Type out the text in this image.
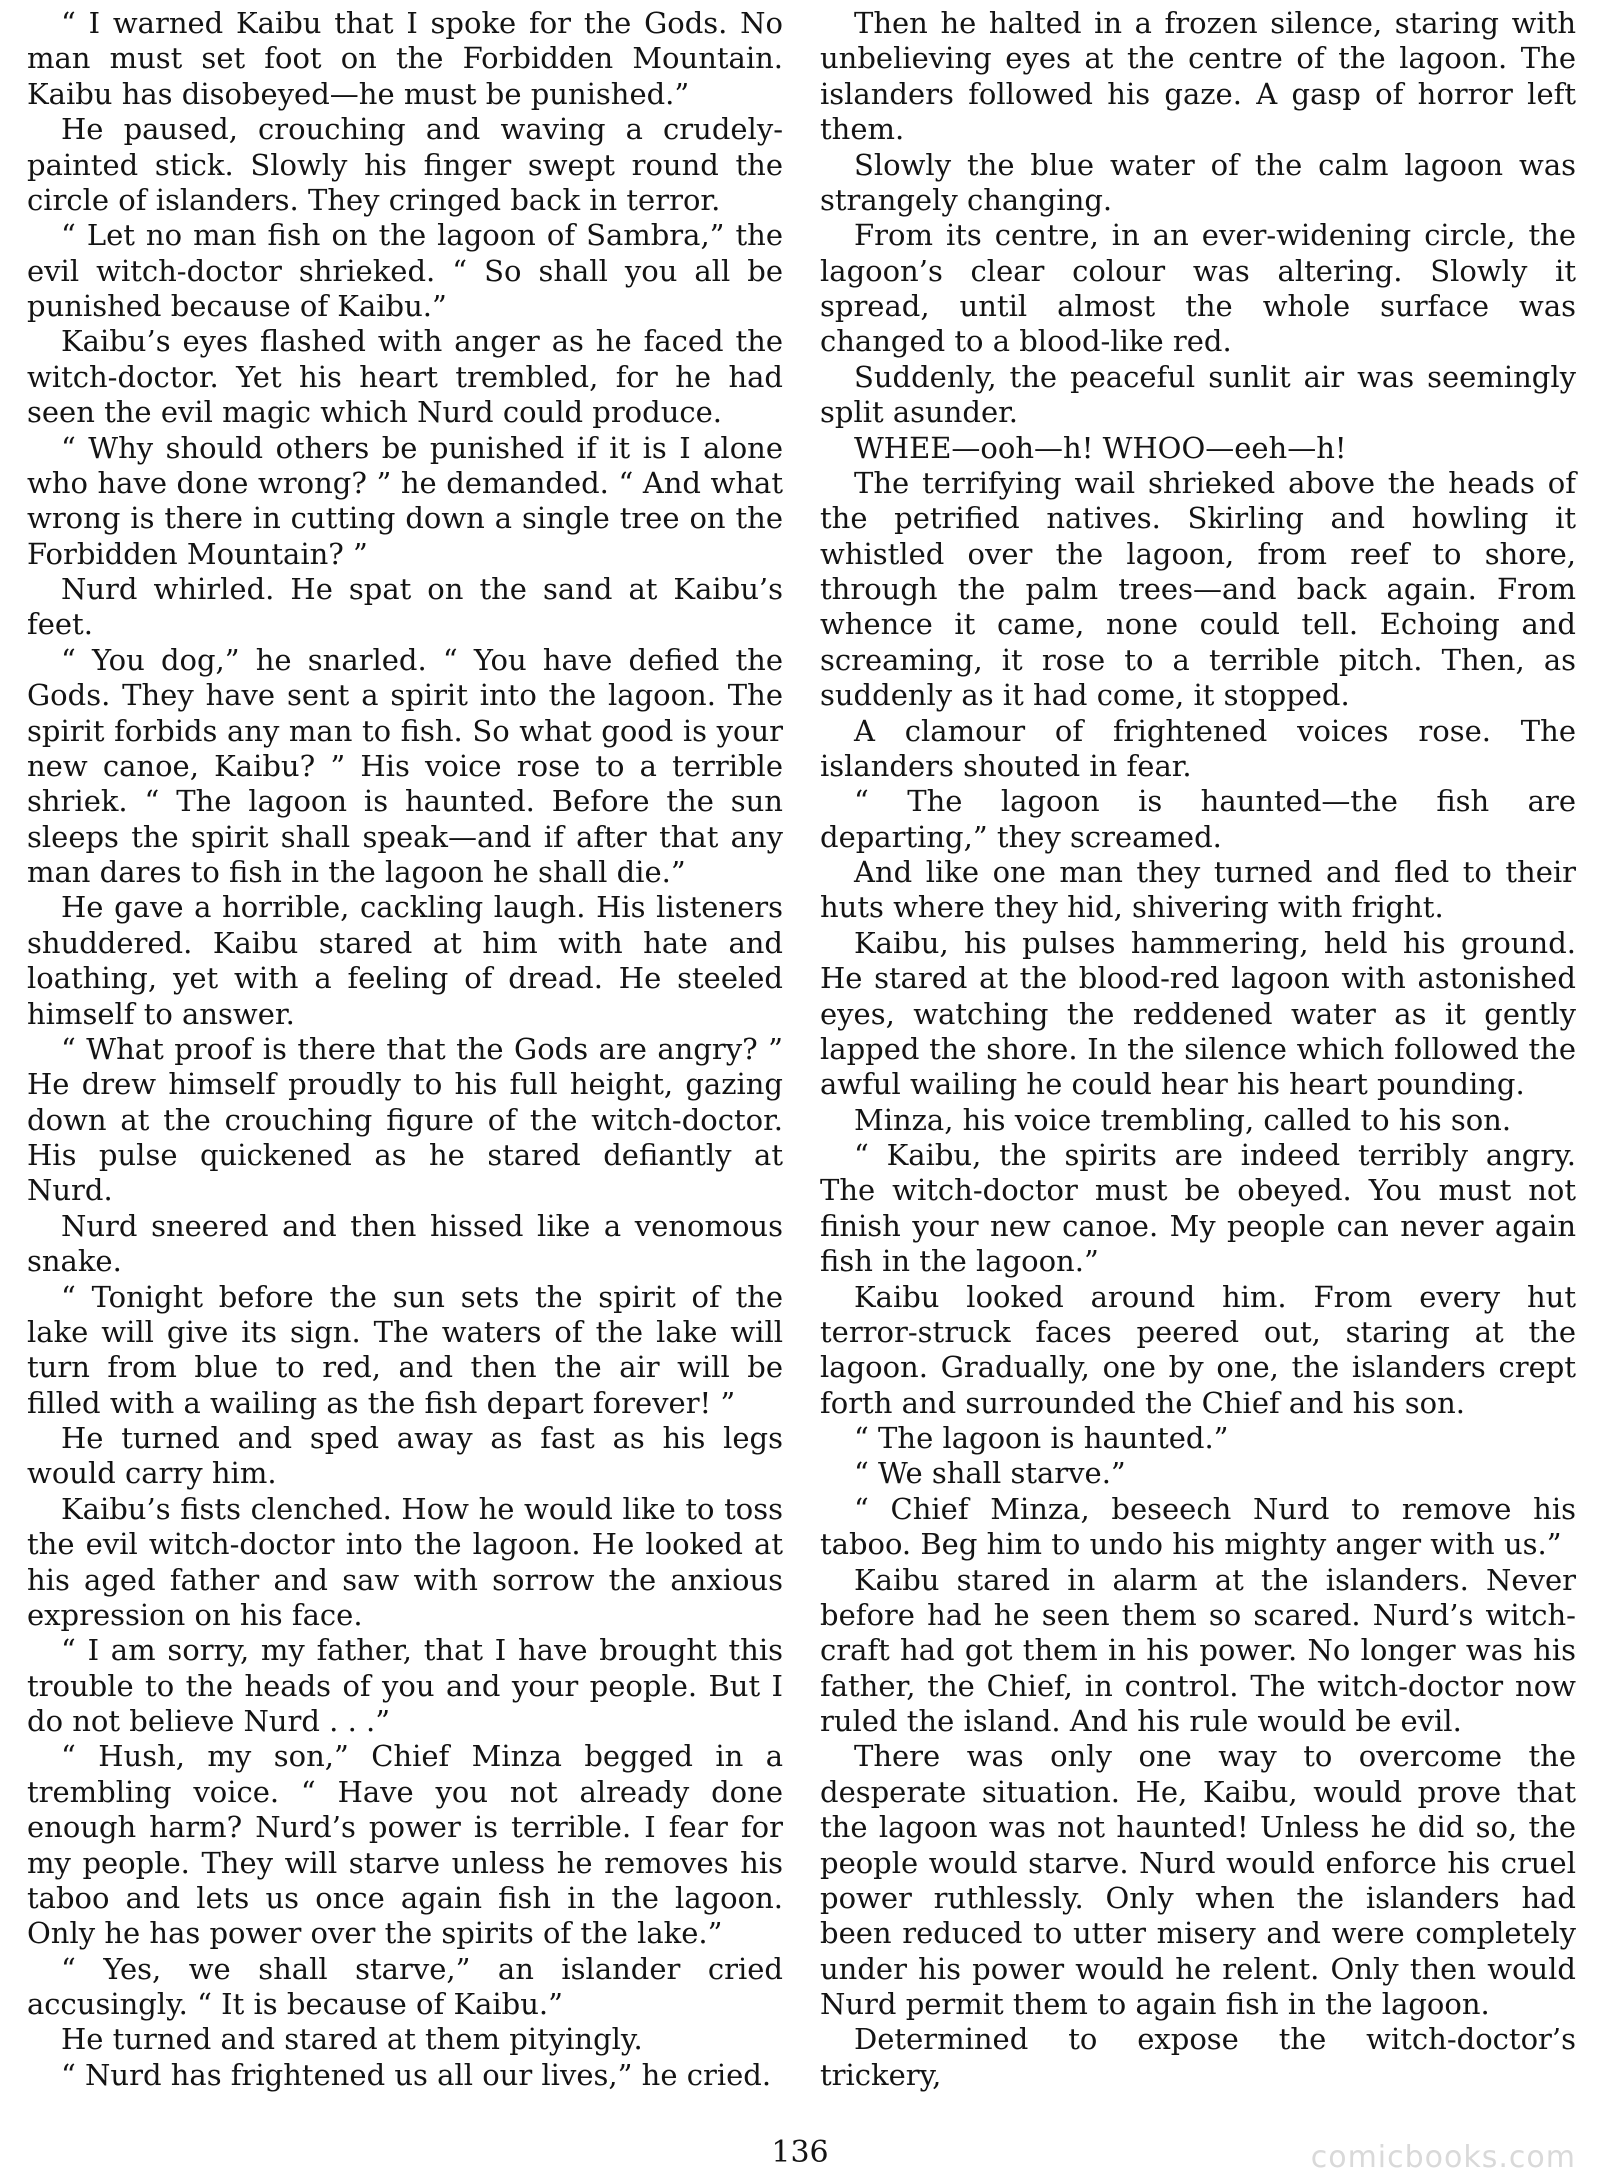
“ I warned Kaibu that I spoke for the Gods. No man must set foot on the Forbidden Mountain. Kaibu has disobeyed—he must be punished.”

He paused, crouching and waving a crudely-painted stick. Slowly his finger swept round the circle of islanders. They cringed back in terror.

“ Let no man fish on the lagoon of Sambra,” the evil witch-doctor shrieked. “ So shall you all be punished because of Kaibu.”

Kaibu’s eyes flashed with anger as he faced the witch-doctor. Yet his heart trembled, for he had seen the evil magic which Nurd could produce.

“ Why should others be punished if it is I alone who have done wrong? ” he demanded. “ And what wrong is there in cutting down a single tree on the Forbidden Mountain? ”

Nurd whirled. He spat on the sand at Kaibu’s feet.

“ You dog,” he snarled. “ You have defied the Gods. They have sent a spirit into the lagoon. The spirit forbids any man to fish. So what good is your new canoe, Kaibu? ” His voice rose to a terrible shriek. “ The lagoon is haunted. Before the sun sleeps the spirit shall speak—and if after that any man dares to fish in the lagoon he shall die.”

He gave a horrible, cackling laugh. His listeners shuddered. Kaibu stared at him with hate and loathing, yet with a feeling of dread. He steeled himself to answer.

“ What proof is there that the Gods are angry? ” He drew himself proudly to his full height, gazing down at the crouching figure of the witch-doctor. His pulse quickened as he stared defiantly at Nurd.

Nurd sneered and then hissed like a venomous snake.

“ Tonight before the sun sets the spirit of the lake will give its sign. The waters of the lake will turn from blue to red, and then the air will be filled with a wailing as the fish depart forever! ”

He turned and sped away as fast as his legs would carry him.

Kaibu’s fists clenched. How he would like to toss the evil witch-doctor into the lagoon. He looked at his aged father and saw with sorrow the anxious expression on his face.

“ I am sorry, my father, that I have brought this trouble to the heads of you and your people. But I do not believe Nurd . . .”

“ Hush, my son,” Chief Minza begged in a trembling voice. “ Have you not already done enough harm? Nurd’s power is terrible. I fear for my people. They will starve unless he removes his taboo and lets us once again fish in the lagoon. Only he has power over the spirits of the lake.”

“ Yes, we shall starve,” an islander cried accusingly. “ It is because of Kaibu.”

He turned and stared at them pityingly.

“ Nurd has frightened us all our lives,” he cried.

Then he halted in a frozen silence, staring with unbelieving eyes at the centre of the lagoon. The islanders followed his gaze. A gasp of horror left them.

Slowly the blue water of the calm lagoon was strangely changing.

From its centre, in an ever-widening circle, the lagoon’s clear colour was altering. Slowly it spread, until almost the whole surface was changed to a blood-like red.

Suddenly, the peaceful sunlit air was seemingly split asunder.

WHEE—ooh—h! WHOO—eeh—h!

The terrifying wail shrieked above the heads of the petrified natives. Skirling and howling it whistled over the lagoon, from reef to shore, through the palm trees—and back again. From whence it came, none could tell. Echoing and screaming, it rose to a terrible pitch. Then, as suddenly as it had come, it stopped.

A clamour of frightened voices rose. The islanders shouted in fear.

“ The lagoon is haunted—the fish are departing,” they screamed.

And like one man they turned and fled to their huts where they hid, shivering with fright.

Kaibu, his pulses hammering, held his ground. He stared at the blood-red lagoon with astonished eyes, watching the reddened water as it gently lapped the shore. In the silence which followed the awful wailing he could hear his heart pounding.

Minza, his voice trembling, called to his son.

“ Kaibu, the spirits are indeed terribly angry. The witch-doctor must be obeyed. You must not finish your new canoe. My people can never again fish in the lagoon.”

Kaibu looked around him. From every hut terror-struck faces peered out, staring at the lagoon. Gradually, one by one, the islanders crept forth and surrounded the Chief and his son.

“ The lagoon is haunted.”

“ We shall starve.”

“ Chief Minza, beseech Nurd to remove his taboo. Beg him to undo his mighty anger with us.”

Kaibu stared in alarm at the islanders. Never before had he seen them so scared. Nurd’s witch-craft had got them in his power. No longer was his father, the Chief, in control. The witch-doctor now ruled the island. And his rule would be evil.

There was only one way to overcome the desperate situation. He, Kaibu, would prove that the lagoon was not haunted! Unless he did so, the people would starve. Nurd would enforce his cruel power ruthlessly. Only when the islanders had been reduced to utter misery and were completely under his power would he relent. Only then would Nurd permit them to again fish in the lagoon.

Determined to expose the witch-doctor’s trickery,

136	comicbooks.com
